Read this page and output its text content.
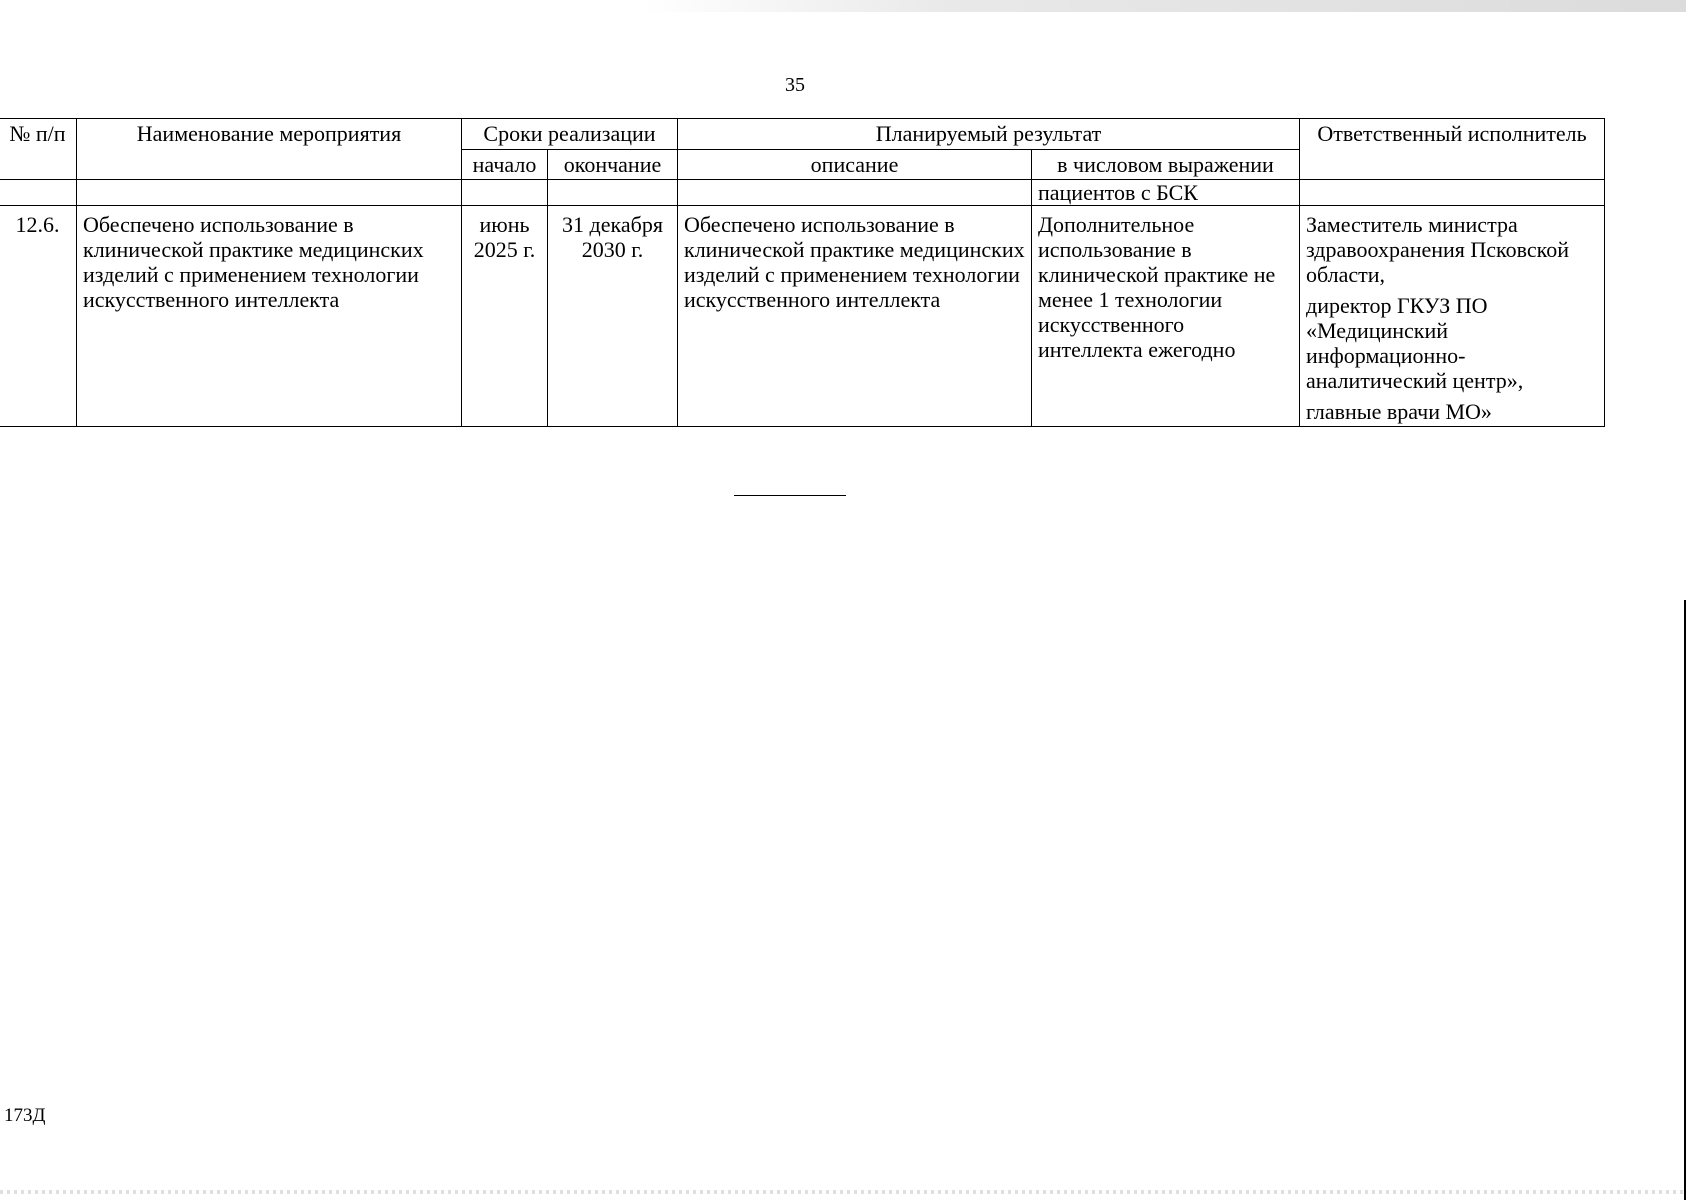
35
№ п/п	Наименование мероприятия	Сроки реализации		Планируемый результат		Ответственный исполнитель
		начало	окончание	описание	в числовом выражении	
					пациентов с БСК	
12.6.	Обеспечено использование в клинической практике медицинских изделий с применением технологии искусственного интеллекта	июнь 2025 г.	31 декабря 2030 г.	Обеспечено использование в клинической практике медицинских изделий с применением технологии искусственного интеллекта	Дополнительное использование в клинической практике не менее 1 технологии искусственного интеллекта ежегодно	Заместитель министра здравоохранения Псковской области,

директор ГКУЗ ПО «Медицинский информационно-аналитический центр»,

главные врачи МО»

173Д
